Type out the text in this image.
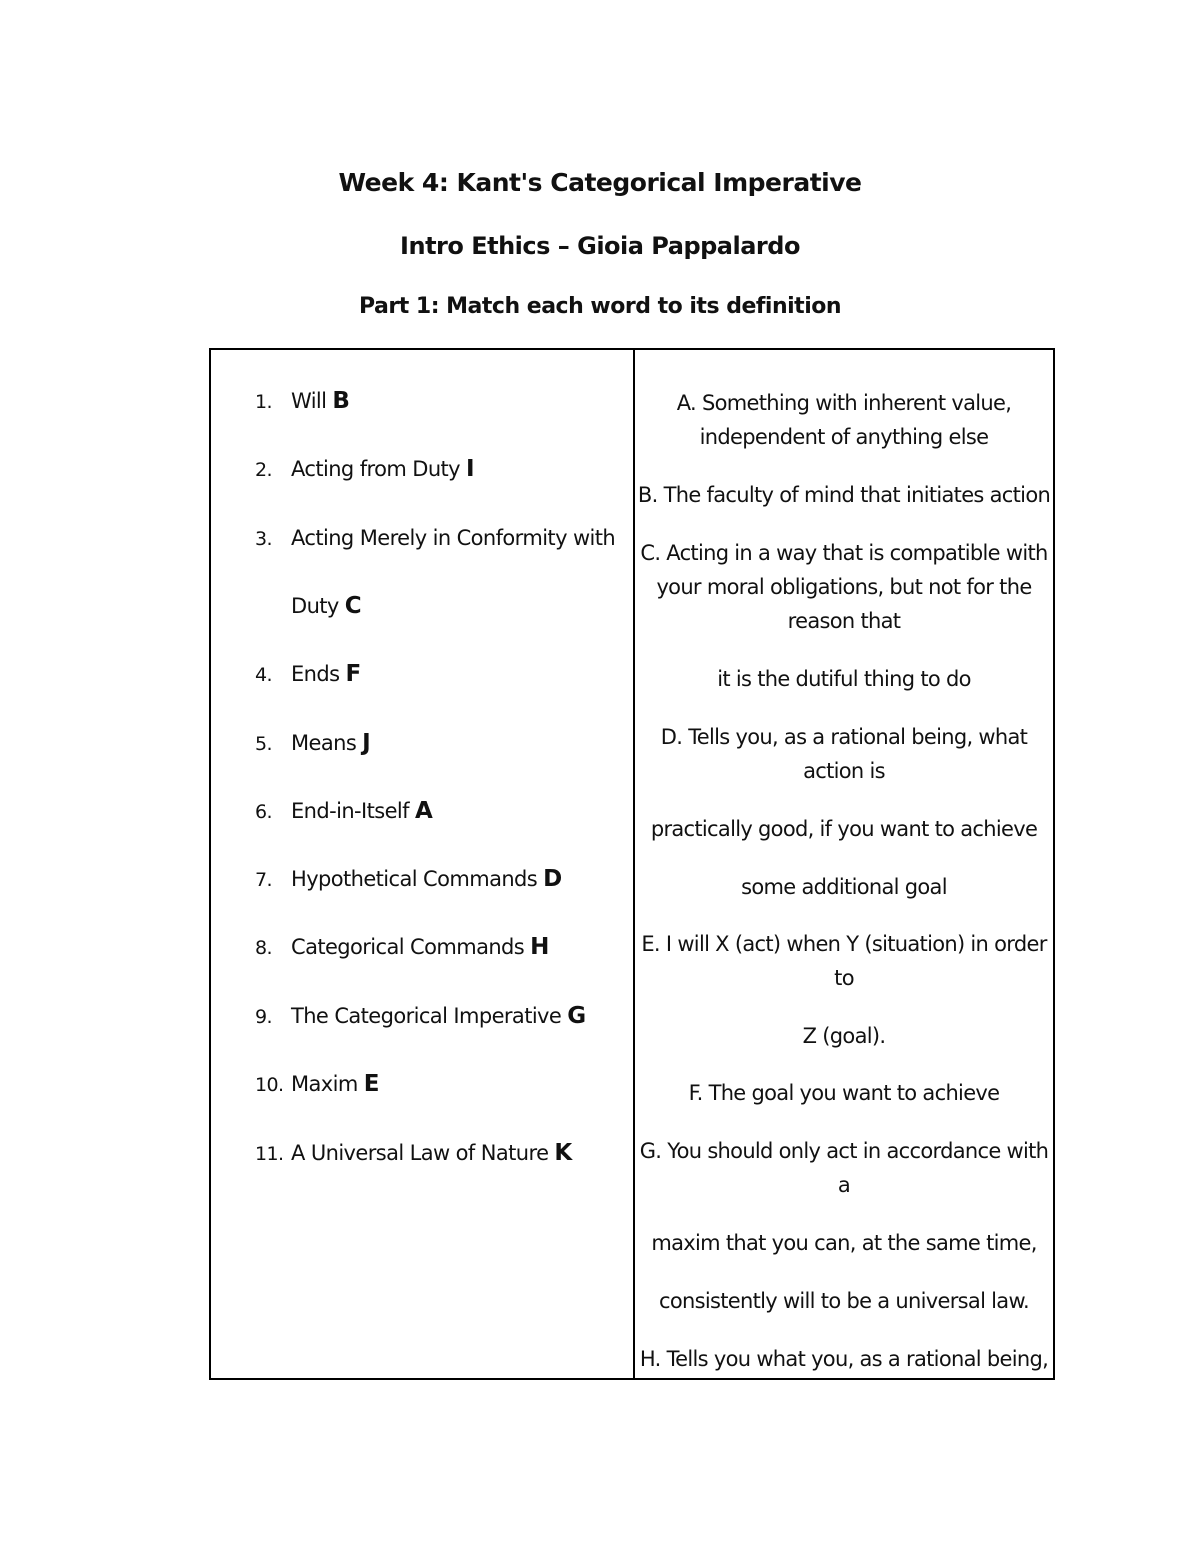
Week 4: Kant's Categorical Imperative
Intro Ethics – Gioia Pappalardo
Part 1: Match each word to its definition
1. Will B
2. Acting from Duty I
3. Acting Merely in Conformity with
Duty C
4. Ends F
5. Means J
6. End-in-Itself A
7. Hypothetical Commands D
8. Categorical Commands H
9. The Categorical Imperative G
10. Maxim E
11. A Universal Law of Nature K
A. Something with inherent value,
independent of anything else
B. The faculty of mind that initiates action
C. Acting in a way that is compatible with
your moral obligations, but not for the
reason that
it is the dutiful thing to do
D. Tells you, as a rational being, what
action is
practically good, if you want to achieve
some additional goal
E. I will X (act) when Y (situation) in order
to
Z (goal).
F. The goal you want to achieve
G. You should only act in accordance with
a
maxim that you can, at the same time,
consistently will to be a universal law.
H. Tells you what you, as a rational being,
